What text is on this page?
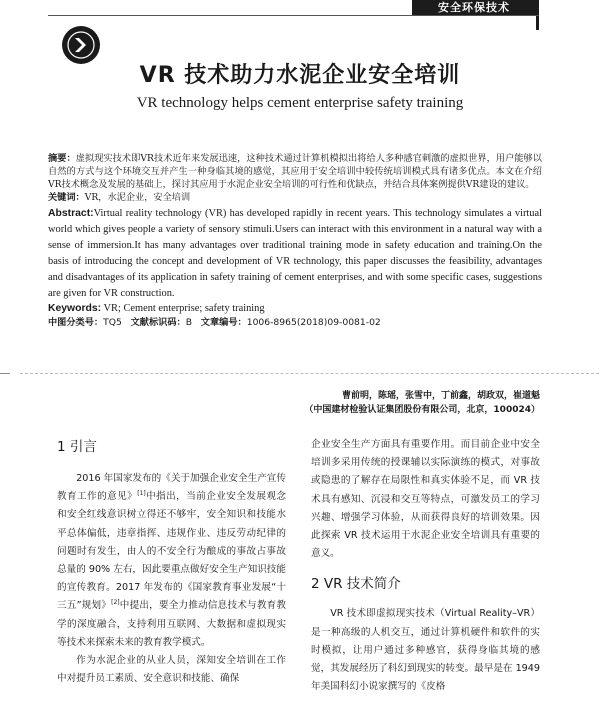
安全环保技术
VR 技术助力水泥企业安全培训
VR technology helps cement enterprise safety training

摘要：虚拟现实技术即VR技术近年来发展迅速，这种技术通过计算机模拟出将给人多种感官刺激的虚拟世界，用户能够以自然的方式与这个环境交互并产生一种身临其境的感觉，其应用于安全培训中较传统培训模式具有诸多优点。本文在介绍VR技术概念及发展的基础上，探讨其应用于水泥企业安全培训的可行性和优缺点，并结合具体案例提供VR建设的建议。

关键词：VR，水泥企业，安全培训

Abstract:Virtual reality technology (VR) has developed rapidly in recent years. This technology simulates a virtual world which gives people a variety of sensory stimuli.Users can interact with this environment in a natural way with a sense of immersion.It has many advantages over traditional training mode in safety education and training.On the basis of introducing the concept and development of VR technology, this paper discusses the feasibility, advantages and disadvantages of its application in safety training of cement enterprises, and with some specific cases, suggestions are given for VR construction.

Keywords: VR; Cement enterprise; safety training

中图分类号：TQ5 文献标识码：B 文章编号：1006-8965(2018)09-0081-02

曹前明，陈瑶，张雪中，丁前鑫，胡政双，崔道魁
（中国建材检验认证集团股份有限公司，北京，100024）
1 引言

2016 年国家发布的《关于加强企业安全生产宣传教育工作的意见》[1]中指出，当前企业安全发展观念和安全红线意识树立得还不够牢，安全知识和技能水平总体偏低，违章指挥、违规作业、违反劳动纪律的问题时有发生，由人的不安全行为酿成的事故占事故总量的 90% 左右，因此要重点做好安全生产知识技能的宣传教育。2017 年发布的《国家教育事业发展“十三五”规划》[2]中提出，要全力推动信息技术与教育教学的深度融合，支持利用互联网、大数据和虚拟现实等技术来探索未来的教育教学模式。

作为水泥企业的从业人员，深知安全培训在工作中对提升员工素质、安全意识和技能、确保

企业安全生产方面具有重要作用。而目前企业中安全培训多采用传统的授课辅以实际演练的模式，对事故或隐患的了解存在局限性和真实体验不足，而 VR 技术具有感知、沉浸和交互等特点，可激发员工的学习兴趣、增强学习体验，从而获得良好的培训效果。因此探索 VR 技术运用于水泥企业安全培训具有重要的意义。

2 VR 技术简介

VR 技术即虚拟现实技术（Virtual Reality–VR）是一种高级的人机交互，通过计算机硬件和软件的实时模拟，让用户通过多种感官，获得身临其境的感觉，其发展经历了科幻到现实的转变。最早是在 1949 年美国科幻小说家撰写的《皮格
